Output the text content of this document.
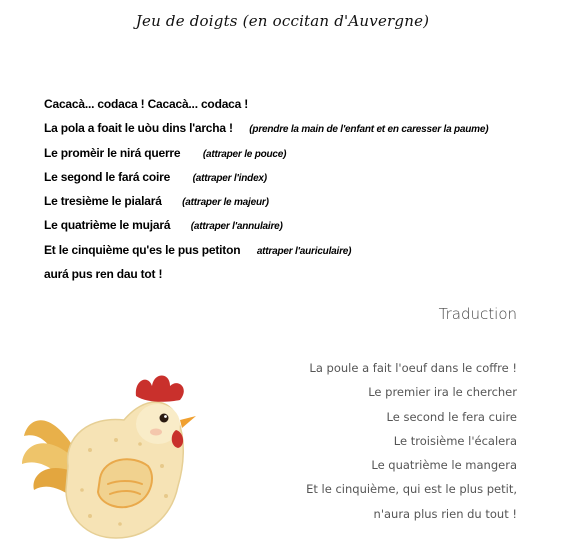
Jeu de doigts (en occitan d'Auvergne)
Cacacà... codaca ! Cacacà... codaca !
La pola a foait le uòu dins l'archa ! (prendre la main de l'enfant et en caresser la paume)
Le promèir le nirá querre (attraper le pouce)
Le segond le fará coire (attraper l'index)
Le tresième le pialará (attraper le majeur)
Le quatrième le mujará (attraper l'annulaire)
Et le cinquième qu'es le pus petiton attraper l'auriculaire)
aurá pus ren dau tot !
Traduction
La poule a fait l'oeuf dans le coffre !
Le premier ira le chercher
Le second le fera cuire
Le troisième l'écalera
Le quatrième le mangera
Et le cinquième, qui est le plus petit,
n'aura plus rien du tout !
